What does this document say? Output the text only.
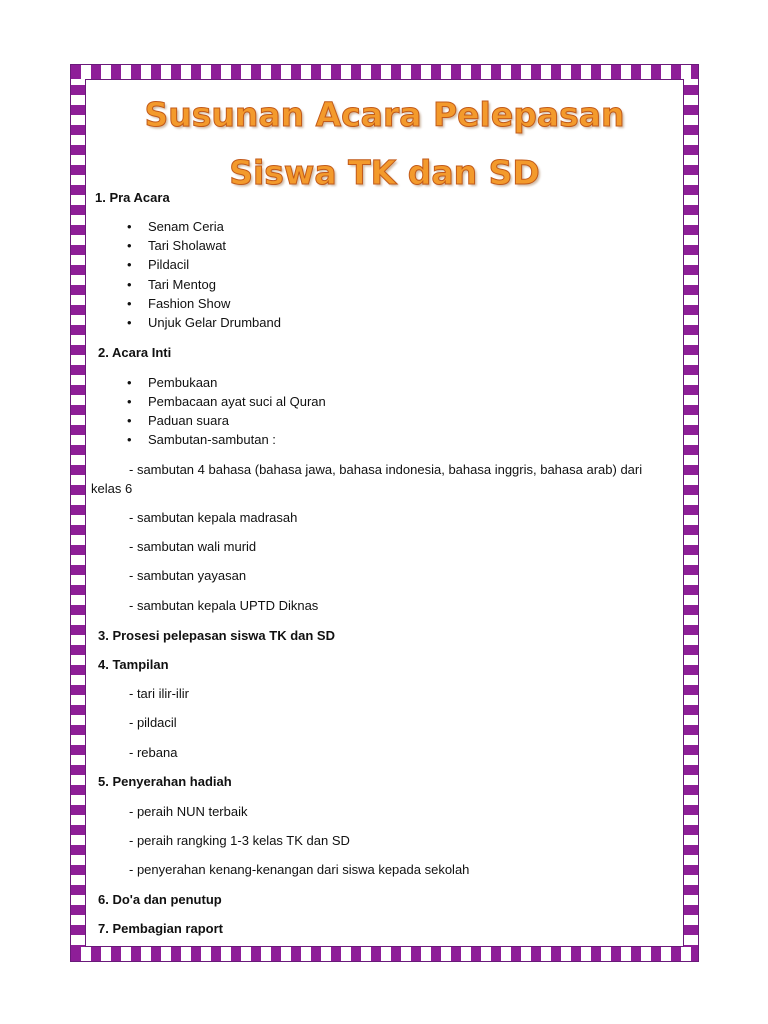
Susunan Acara Pelepasan
Siswa TK dan SD

1. Pra Acara

• Senam Ceria

• Tari Sholawat

• Pildacil

• Tari Mentog

• Fashion Show

• Unjuk Gelar Drumband

2. Acara Inti

• Pembukaan

• Pembacaan ayat suci al Quran

• Paduan suara

• Sambutan-sambutan :

- sambutan 4 bahasa (bahasa jawa, bahasa indonesia, bahasa inggris, bahasa arab) dari

kelas 6

- sambutan kepala madrasah

- sambutan wali murid

- sambutan yayasan

- sambutan kepala UPTD Diknas

3. Prosesi pelepasan siswa TK dan SD

4. Tampilan

- tari ilir-ilir

- pildacil

- rebana

5. Penyerahan hadiah

- peraih NUN terbaik

- peraih rangking 1-3 kelas TK dan SD

- penyerahan kenang-kenangan dari siswa kepada sekolah

6. Do'a dan penutup

7. Pembagian raport
